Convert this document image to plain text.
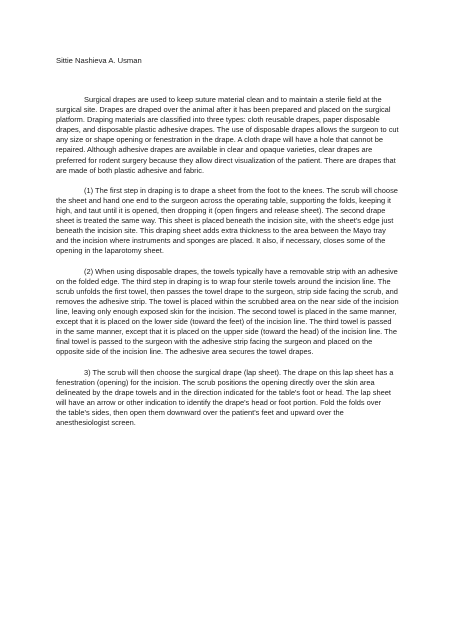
Sittie Nashieva A. Usman

Surgical drapes are used to keep suture material clean and to maintain a sterile field at the
surgical site. Drapes are draped over the animal after it has been prepared and placed on the surgical
platform. Draping materials are classified into three types: cloth reusable drapes, paper disposable
drapes, and disposable plastic adhesive drapes. The use of disposable drapes allows the surgeon to cut
any size or shape opening or fenestration in the drape. A cloth drape will have a hole that cannot be
repaired. Although adhesive drapes are available in clear and opaque varieties, clear drapes are
preferred for rodent surgery because they allow direct visualization of the patient. There are drapes that
are made of both plastic adhesive and fabric.

(1) The first step in draping is to drape a sheet from the foot to the knees. The scrub will choose
the sheet and hand one end to the surgeon across the operating table, supporting the folds, keeping it
high, and taut until it is opened, then dropping it (open fingers and release sheet). The second drape
sheet is treated the same way. This sheet is placed beneath the incision site, with the sheet's edge just
beneath the incision site. This draping sheet adds extra thickness to the area between the Mayo tray
and the incision where instruments and sponges are placed. It also, if necessary, closes some of the
opening in the laparotomy sheet.

(2) When using disposable drapes, the towels typically have a removable strip with an adhesive
on the folded edge. The third step in draping is to wrap four sterile towels around the incision line. The
scrub unfolds the first towel, then passes the towel drape to the surgeon, strip side facing the scrub, and
removes the adhesive strip. The towel is placed within the scrubbed area on the near side of the incision
line, leaving only enough exposed skin for the incision. The second towel is placed in the same manner,
except that it is placed on the lower side (toward the feet) of the incision line. The third towel is passed
in the same manner, except that it is placed on the upper side (toward the head) of the incision line. The
final towel is passed to the surgeon with the adhesive strip facing the surgeon and placed on the
opposite side of the incision line. The adhesive area secures the towel drapes.

3) The scrub will then choose the surgical drape (lap sheet). The drape on this lap sheet has a
fenestration (opening) for the incision. The scrub positions the opening directly over the skin area
delineated by the drape towels and in the direction indicated for the table's foot or head. The lap sheet
will have an arrow or other indication to identify the drape's head or foot portion. Fold the folds over
the table's sides, then open them downward over the patient's feet and upward over the
anesthesiologist screen.
